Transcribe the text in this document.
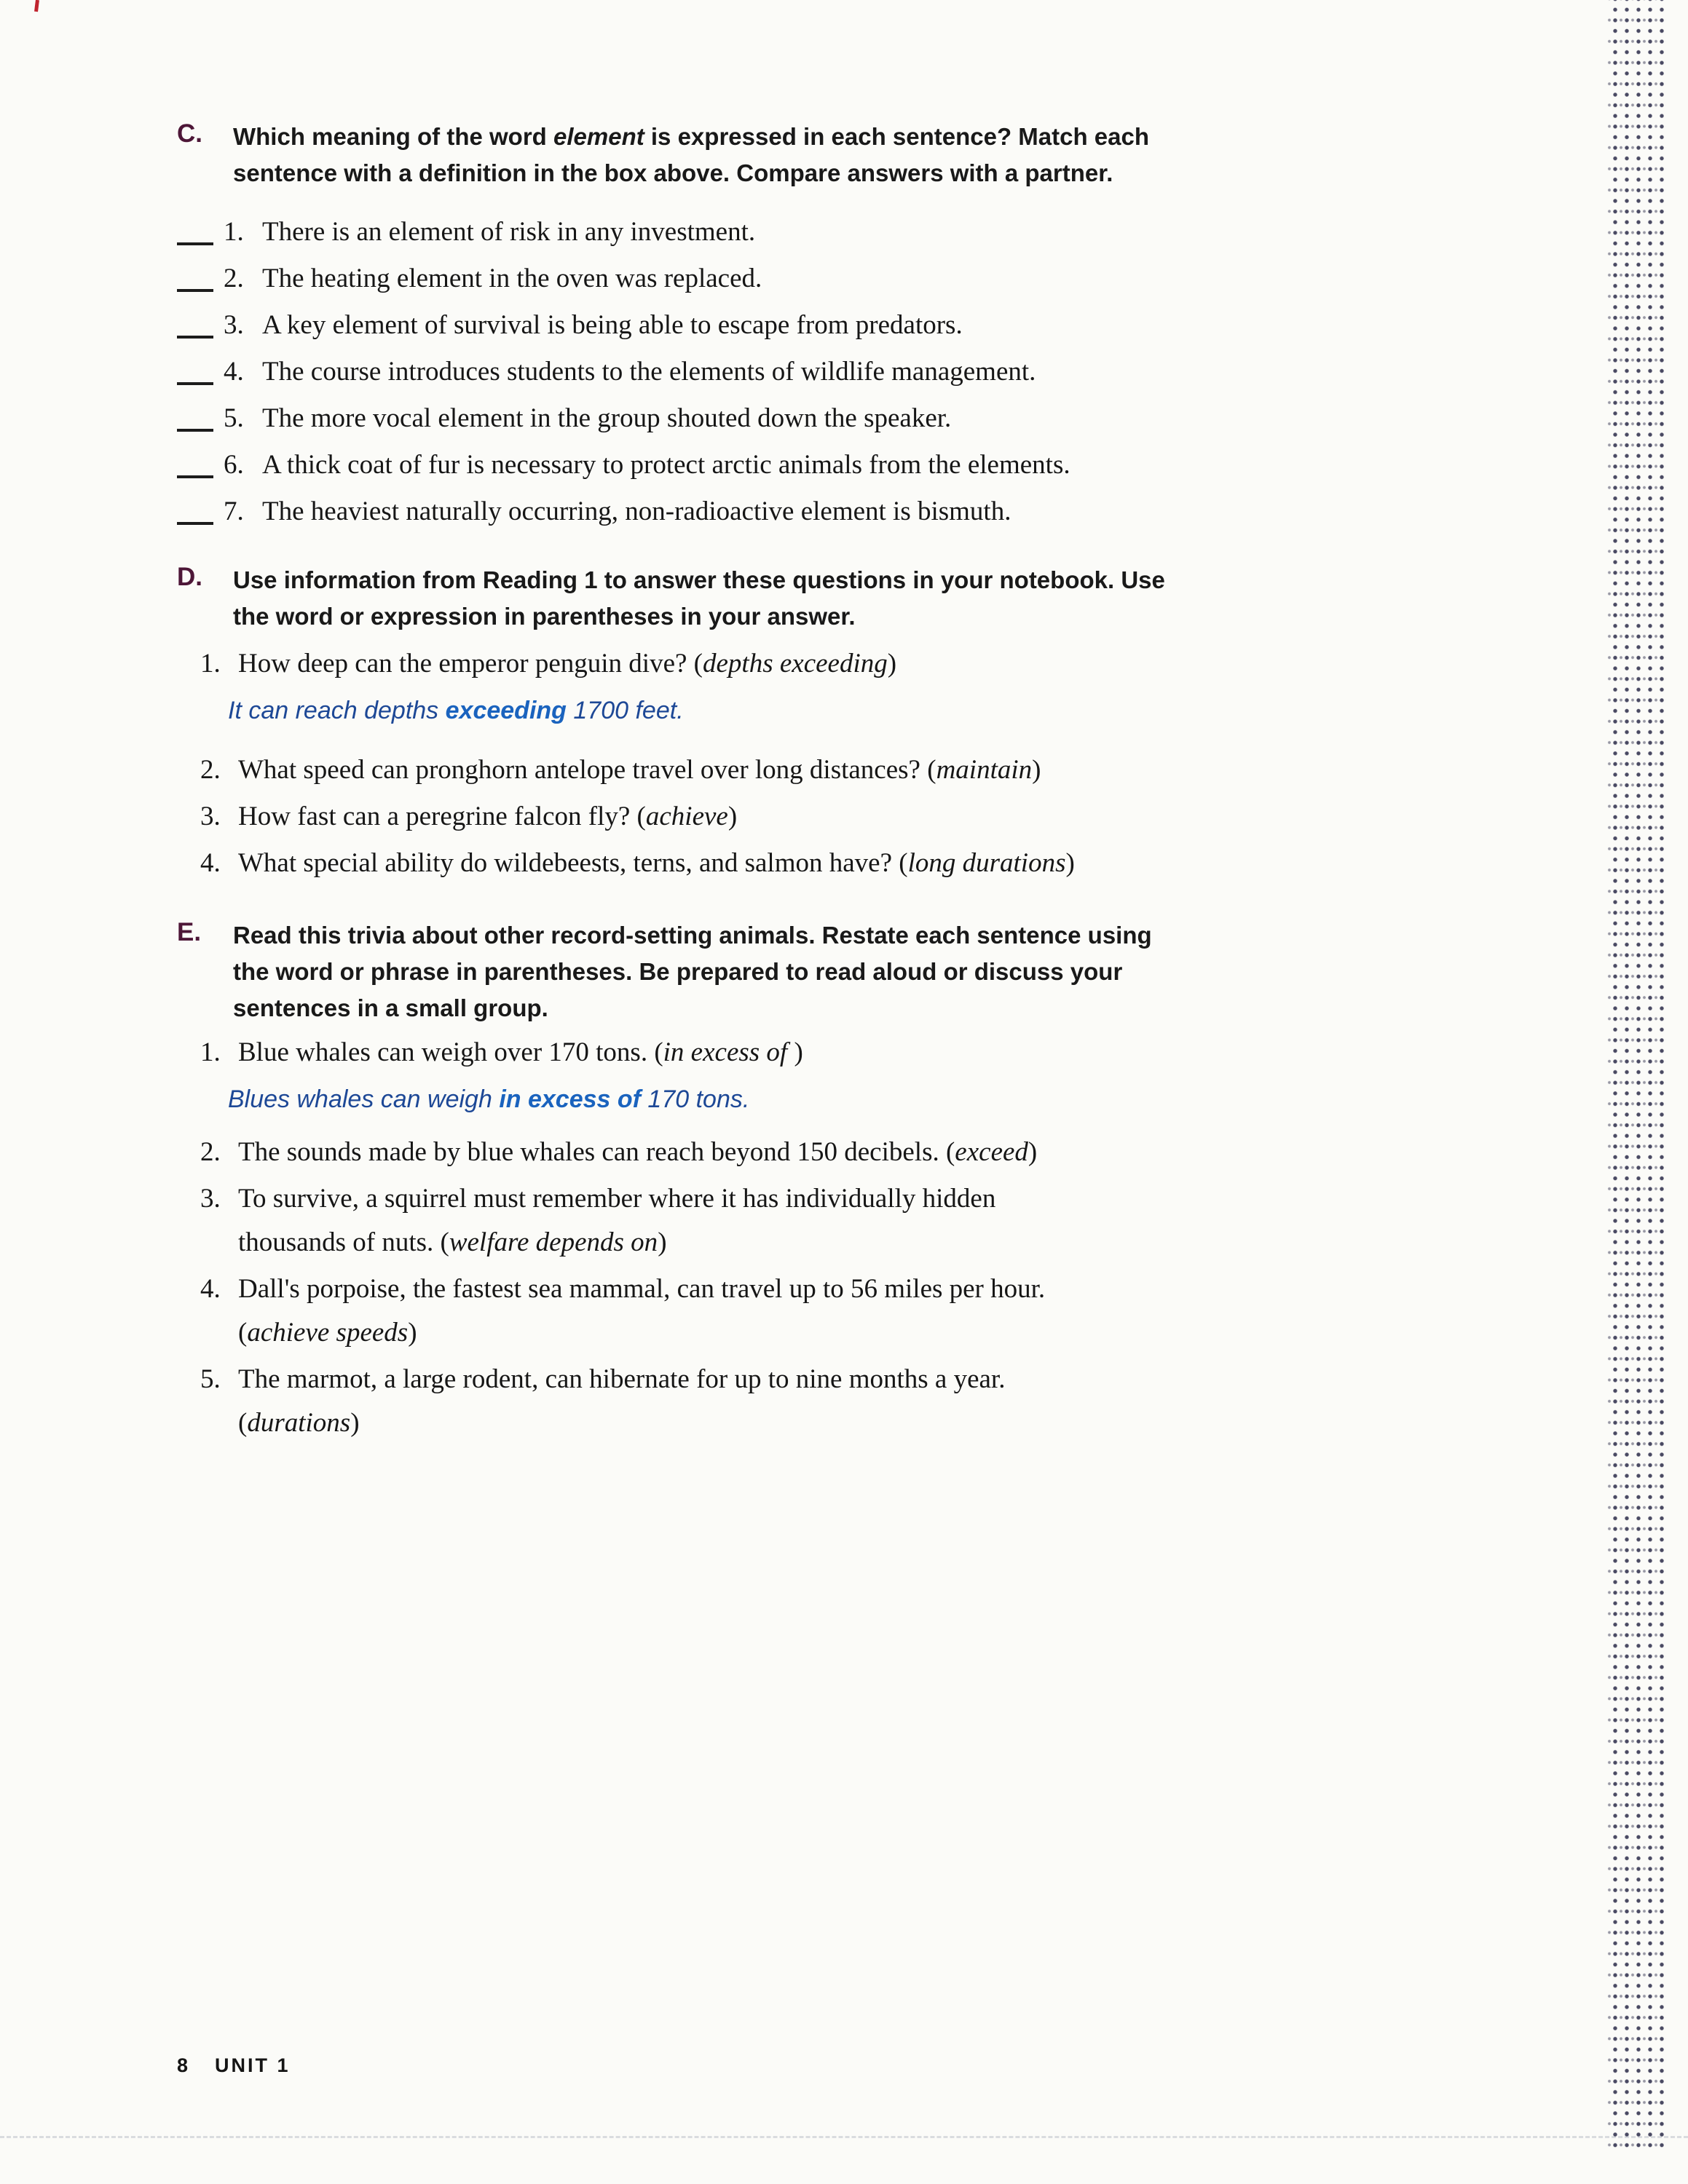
C. Which meaning of the word element is expressed in each sentence? Match each
sentence with a definition in the box above. Compare answers with a partner.
1. There is an element of risk in any investment.
2. The heating element in the oven was replaced.
3. A key element of survival is being able to escape from predators.
4. The course introduces students to the elements of wildlife management.
5. The more vocal element in the group shouted down the speaker.
6. A thick coat of fur is necessary to protect arctic animals from the elements.
7. The heaviest naturally occurring, non-radioactive element is bismuth.
D. Use information from Reading 1 to answer these questions in your notebook. Use
the word or expression in parentheses in your answer.
1. How deep can the emperor penguin dive? (depths exceeding)
It can reach depths exceeding 1700 feet.
2. What speed can pronghorn antelope travel over long distances? (maintain)
3. How fast can a peregrine falcon fly? (achieve)
4. What special ability do wildebeests, terns, and salmon have? (long durations)
E. Read this trivia about other record-setting animals. Restate each sentence using
the word or phrase in parentheses. Be prepared to read aloud or discuss your
sentences in a small group.
1. Blue whales can weigh over 170 tons. (in excess of )
Blues whales can weigh in excess of 170 tons.
2. The sounds made by blue whales can reach beyond 150 decibels. (exceed)
3. To survive, a squirrel must remember where it has individually hidden
thousands of nuts. (welfare depends on)
4. Dall's porpoise, the fastest sea mammal, can travel up to 56 miles per hour.
(achieve speeds)
5. The marmot, a large rodent, can hibernate for up to nine months a year.
(durations)
8 UNIT 1
